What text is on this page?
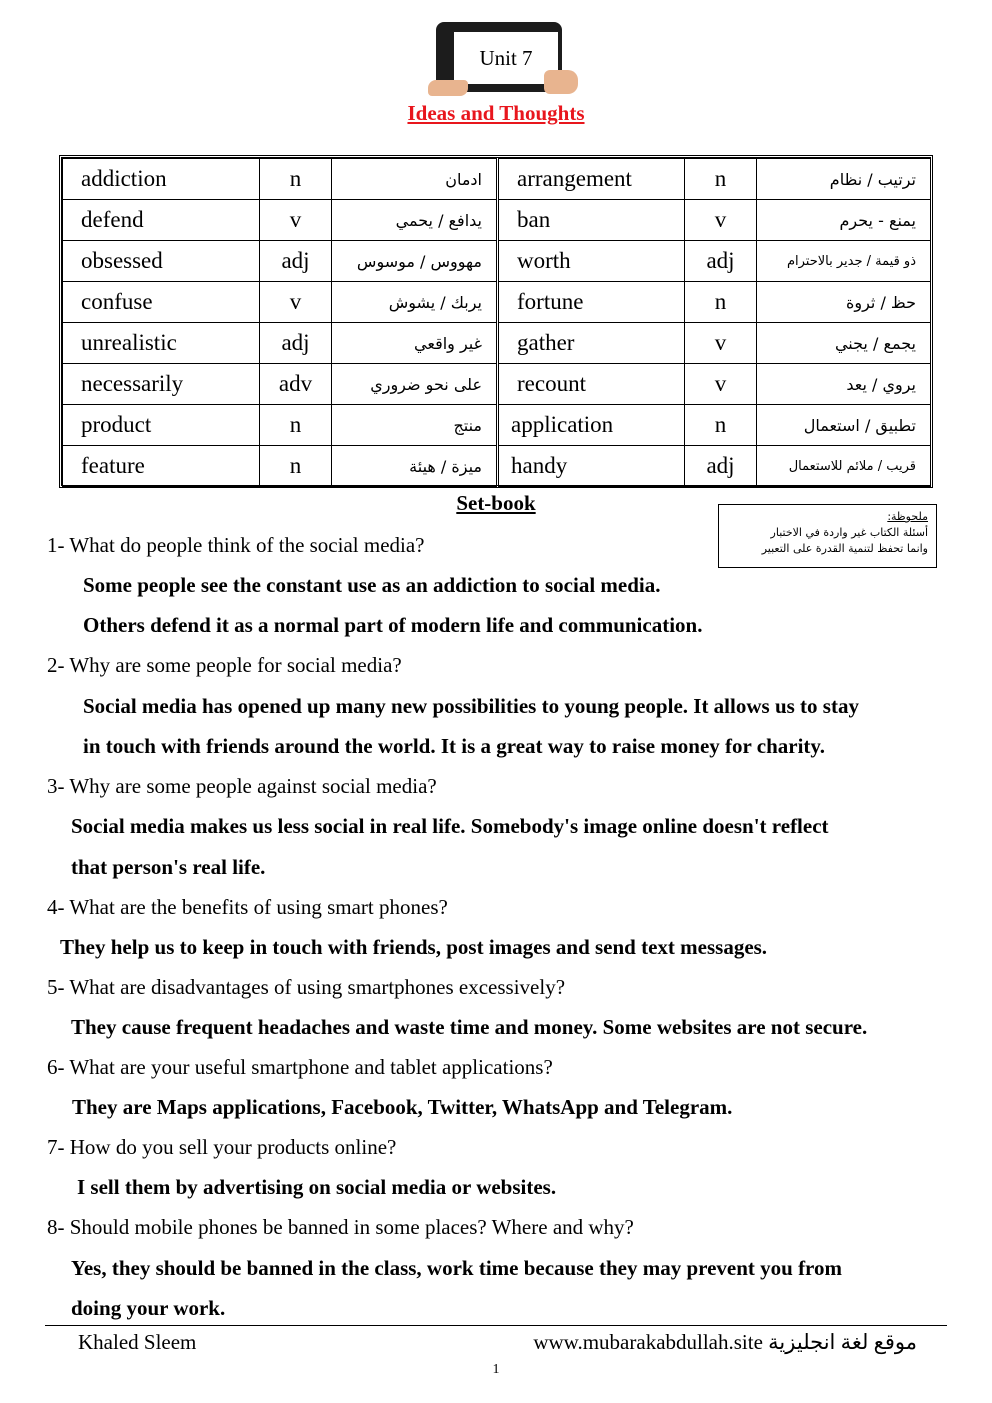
Unit 7
Ideas and Thoughts
addiction	n	ادمان	arrangement	n	ترتيب / نظام
defend	v	يدافع / يحمي	ban	v	يمنع - يحرم
obsessed	adj	مهووس / موسوس	worth	adj	ذو قيمة / جدير بالاحترام
confuse	v	يربك / يشوش	fortune	n	حظ / ثروة
unrealistic	adj	غير واقعي	gather	v	يجمع / يجني
necessarily	adv	على نحو ضروري	recount	v	يروي / يعد
product	n	منتج	application	n	تطبيق / استعمال
feature	n	ميزة / هيئة	handy	adj	قريب / ملائم للاستعمال
Set-book
ملحوظة:
أسئلة الكتاب غير واردة في الاختبار
وانما تحفظ لتنمية القدرة على التعبير
1- What do people think of the social media?
Some people see the constant use as an addiction to social media.
Others defend it as a normal part of modern life and communication.
2- Why are some people for social media?
Social media has opened up many new possibilities to young people. It allows us to stay
in touch with friends around the world. It is a great way to raise money for charity.
3- Why are some people against social media?
Social media makes us less social in real life. Somebody's image online doesn't reflect
that person's real life.
4- What are the benefits of using smart phones?
They help us to keep in touch with friends, post images and send text messages.
5- What are disadvantages of using smartphones excessively?
They cause frequent headaches and waste time and money. Some websites are not secure.
6- What are your useful smartphone and tablet applications?
They are Maps applications, Facebook, Twitter, WhatsApp and Telegram.
7- How do you sell your products online?
I sell them by advertising on social media or websites.
8- Should mobile phones be banned in some places? Where and why?
Yes, they should be banned in the class, work time because they may prevent you from
doing your work.
Khaled Sleem	www.mubarakabdullah.site موقع لغة انجليزية
1
